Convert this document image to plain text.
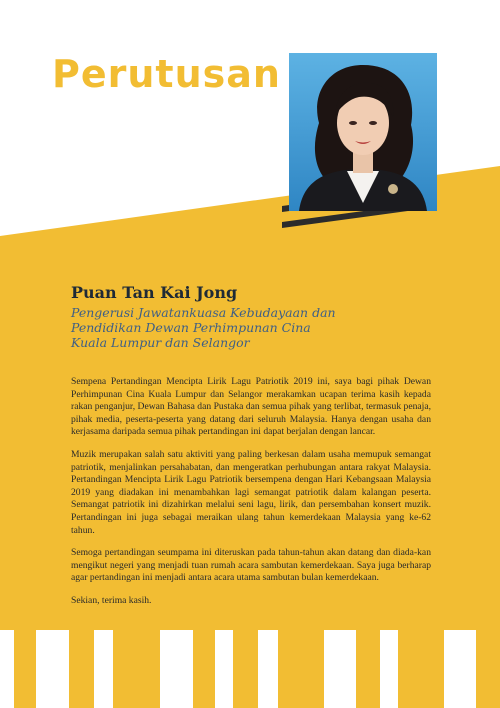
Perutusan
Puan Tan Kai Jong
Pengerusi Jawatankuasa Kebudayaan dan
Pendidikan Dewan Perhimpunan Cina
Kuala Lumpur dan Selangor

Sempena Pertandingan Mencipta Lirik Lagu Patriotik 2019 ini, saya bagi pihak Dewan Perhimpunan Cina Kuala Lumpur dan Selangor merakamkan ucapan terima kasih kepada rakan penganjur, Dewan Bahasa dan Pustaka dan semua pihak yang terlibat, termasuk penaja, pihak media, peserta-peserta yang datang dari seluruh Malaysia. Hanya dengan usaha dan kerjasama daripada semua pihak pertandingan ini dapat berjalan dengan lancar.

Muzik merupakan salah satu aktiviti yang paling berkesan dalam usaha memupuk semangat patriotik, menjalinkan persahabatan, dan mengeratkan perhubungan antara rakyat Malaysia. Pertandingan Mencipta Lirik Lagu Patriotik bersempena dengan Hari Kebangsaan Malaysia 2019 yang diadakan ini menambahkan lagi semangat patriotik dalam kalangan peserta. Semangat patriotik ini dizahirkan melalui seni lagu, lirik, dan persembahan konsert muzik. Pertandingan ini juga sebagai meraikan ulang tahun kemerdekaan Malaysia yang ke-62 tahun.

Semoga pertandingan seumpama ini diteruskan pada tahun-tahun akan datang dan diada-kan mengikut negeri yang menjadi tuan rumah acara sambutan kemerdekaan. Saya juga berharap agar pertandingan ini menjadi antara acara utama sambutan bulan kemerdekaan.

Sekian, terima kasih.
